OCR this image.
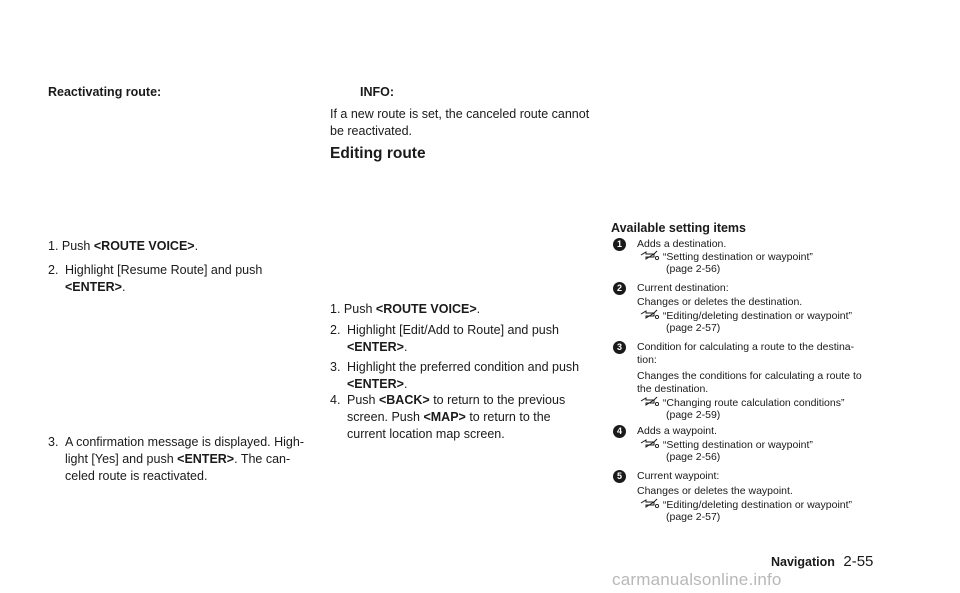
Reactivating route:
1. Push <ROUTE VOICE>.
2. Highlight [Resume Route] and push
<ENTER>.
3. A confirmation message is displayed. High-
light [Yes] and push <ENTER>. The can-
celed route is reactivated.
INFO:
If a new route is set, the canceled route cannot
be reactivated.
Editing route
1. Push <ROUTE VOICE>.
2. Highlight [Edit/Add to Route] and push
<ENTER>.
3. Highlight the preferred condition and push
<ENTER>.
4. Push <BACK> to return to the previous
screen. Push <MAP> to return to the
current location map screen.
Available setting items
1	Adds a destination.
“Setting destination or waypoint”
(page 2-56)
2	Current destination:
Changes or deletes the destination.
“Editing/deleting destination or waypoint”
(page 2-57)
3	Condition for calculating a route to the destina-
tion:
Changes the conditions for calculating a route to
the destination.
“Changing route calculation conditions”
(page 2-59)
4	Adds a waypoint.
“Setting destination or waypoint”
(page 2-56)
5	Current waypoint:
Changes or deletes the waypoint.
“Editing/deleting destination or waypoint”
(page 2-57)
Navigation 2-55
carmanualsonline.info
